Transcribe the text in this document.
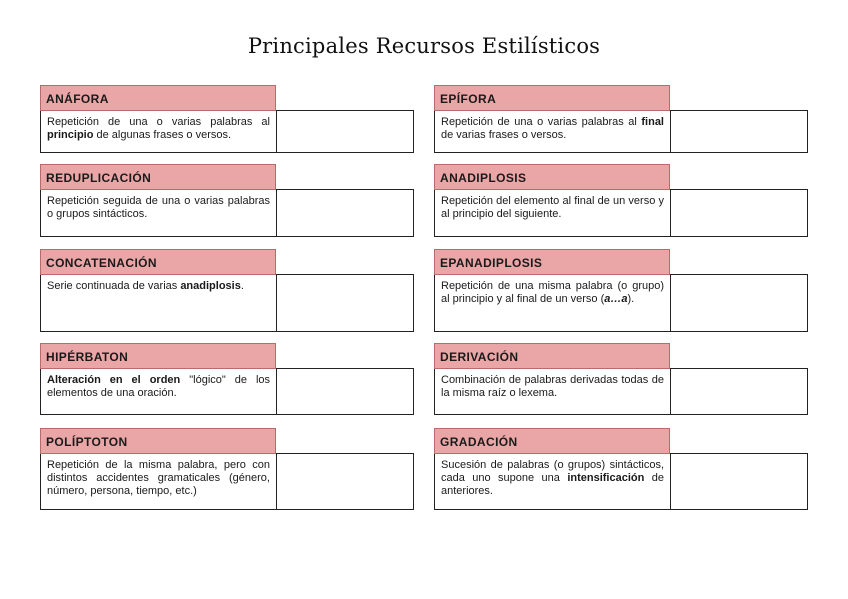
Principales Recursos Estilísticos
ANÁFORA
Repetición de una o varias palabras al principio de algunas frases o versos.
REDUPLICACIÓN
Repetición seguida de una o varias palabras o grupos sintácticos.
CONCATENACIÓN
Serie continuada de varias anadiplosis.
HIPÉRBATON
Alteración en el orden "lógico" de los elementos de una oración.
POLÍPTOTON
Repetición de la misma palabra, pero con distintos accidentes gramaticales (género, número, persona, tiempo, etc.)
EPÍFORA
Repetición de una o varias palabras al final de varias frases o versos.
ANADIPLOSIS
Repetición del elemento al final de un verso y al principio del siguiente.
EPANADIPLOSIS
Repetición de una misma palabra (o grupo) al principio y al final de un verso (a…a).
DERIVACIÓN
Combinación de palabras derivadas todas de la misma raíz o lexema.
GRADACIÓN
Sucesión de palabras (o grupos) sintácticos, cada uno supone una intensificación de anteriores.
